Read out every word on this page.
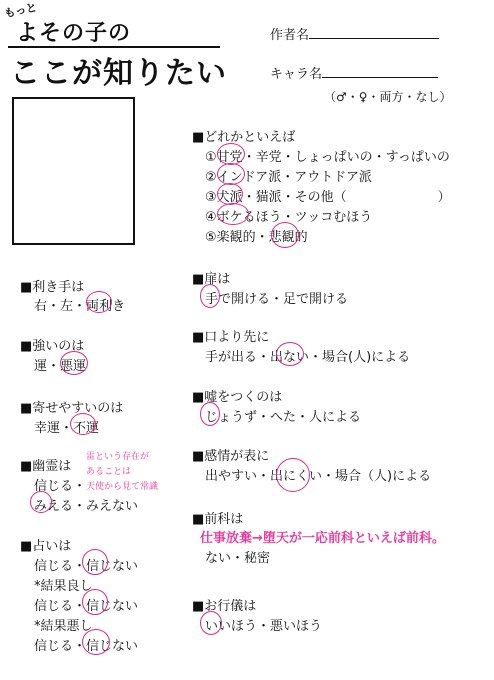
もっと
よその子の
ここが知りたい
作者名
キャラ名
（♂・♀・両方・なし）
■どれかといえば
①甘党・辛党・しょっぱいの・すっぱいの
②インドア派・アウトドア派
③犬派・猫派・その他（　　　　　　　）
④ボケるほう・ツッコむほう
⑤楽観的・悲観的
■利き手は
右・左・両利き
■強いのは
運・悪運
■寄せやすいのは
幸運・不運
■幽霊は
信じる・
みえる・みえない
雷という存在が
あることは
天使から見て常識
■占いは
信じる・信じない
*結果良し
信じる・信じない
*結果悪し
信じる・信じない
■扉は
手で開ける・足で開ける
■口より先に
手が出る・出ない・場合(人)による
■嘘をつくのは
じょうず・へた・人による
■感情が表に
出やすい・出にくい・場合（人)による
■前科は
仕事放棄→堕天が一応前科といえば前科。
ない・秘密
■お行儀は
いいほう・悪いほう
